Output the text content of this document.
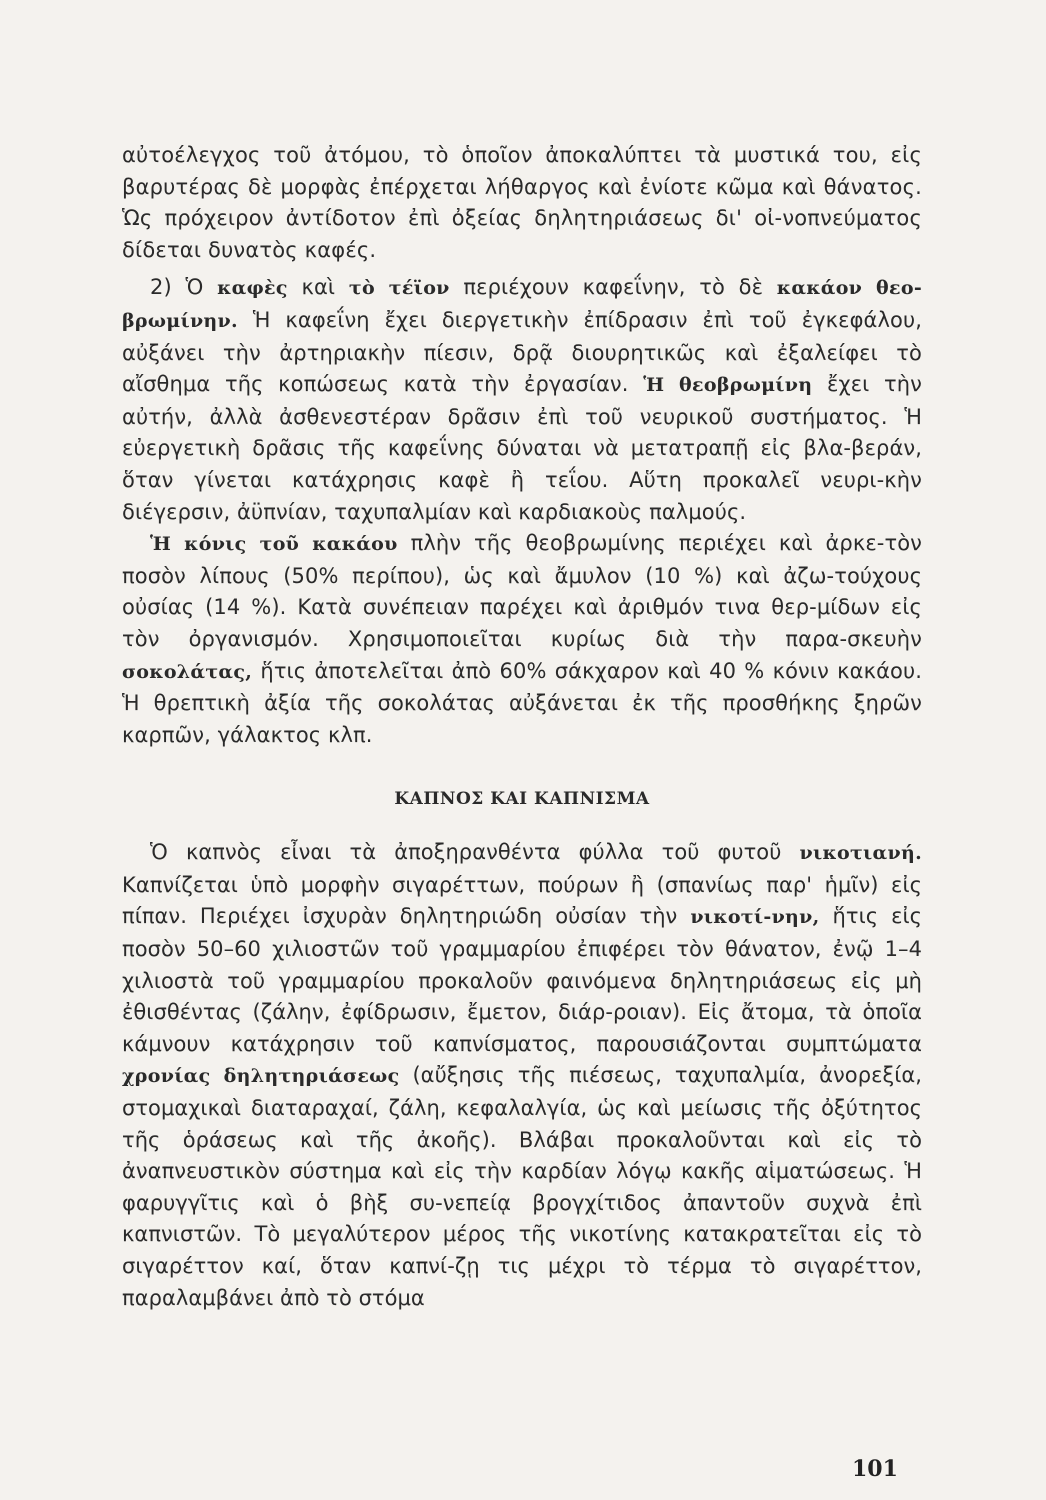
αὐτοέλεγχος τοῦ ἀτόμου, τὸ ὁποῖον ἀποκαλύπτει τὰ μυστικά του, εἰς βαρυτέρας δὲ μορφὰς ἐπέρχεται λήθαργος καὶ ἐνίοτε κῶμα καὶ θάνατος. Ὡς πρόχειρον ἀντίδοτον ἐπὶ ὀξείας δηλητηριάσεως δι' οἰ-νοπνεύματος δίδεται δυνατὸς καφές.

2) Ὁ καφὲς καὶ τὸ τέϊον περιέχουν καφεΐνην, τὸ δὲ κακάον θεο-βρωμίνην. Ἡ καφεΐνη ἔχει διεργετικὴν ἐπίδρασιν ἐπὶ τοῦ ἐγκεφάλου, αὐξάνει τὴν ἀρτηριακὴν πίεσιν, δρᾷ διουρητικῶς καὶ ἐξαλείφει τὸ αἴσθημα τῆς κοπώσεως κατὰ τὴν ἐργασίαν. Ἡ θεοβρωμίνη ἔχει τὴν αὐτήν, ἀλλὰ ἀσθενεστέραν δρᾶσιν ἐπὶ τοῦ νευρικοῦ συστήματος. Ἡ εὐεργετικὴ δρᾶσις τῆς καφεΐνης δύναται νὰ μετατραπῇ εἰς βλα-βεράν, ὅταν γίνεται κατάχρησις καφὲ ἢ τεΐου. Αὕτη προκαλεῖ νευρι-κὴν διέγερσιν, ἀϋπνίαν, ταχυπαλμίαν καὶ καρδιακοὺς παλμούς.

Ἡ κόνις τοῦ κακάου πλὴν τῆς θεοβρωμίνης περιέχει καὶ ἀρκε-τὸν ποσὸν λίπους (50% περίπου), ὡς καὶ ἄμυλον (10 %) καὶ ἀζω-τούχους οὐσίας (14 %). Κατὰ συνέπειαν παρέχει καὶ ἀριθμόν τινα θερ-μίδων εἰς τὸν ὀργανισμόν. Χρησιμοποιεῖται κυρίως διὰ τὴν παρα-σκευὴν σοκολάτας, ἥτις ἀποτελεῖται ἀπὸ 60% σάκχαρον καὶ 40 % κόνιν κακάου. Ἡ θρεπτικὴ ἀξία τῆς σοκολάτας αὐξάνεται ἐκ τῆς προσθήκης ξηρῶν καρπῶν, γάλακτος κλπ.

ΚΑΠΝΟΣ ΚΑΙ ΚΑΠΝΙΣΜΑ

Ὁ καπνὸς εἶναι τὰ ἀποξηρανθέντα φύλλα τοῦ φυτοῦ νικοτιανή. Καπνίζεται ὑπὸ μορφὴν σιγαρέττων, πούρων ἢ (σπανίως παρ' ἡμῖν) εἰς πίπαν. Περιέχει ἰσχυρὰν δηλητηριώδη οὐσίαν τὴν νικοτί-νην, ἥτις εἰς ποσὸν 50–60 χιλιοστῶν τοῦ γραμμαρίου ἐπιφέρει τὸν θάνατον, ἐνῷ 1–4 χιλιοστὰ τοῦ γραμμαρίου προκαλοῦν φαινόμενα δηλητηριάσεως εἰς μὴ ἐθισθέντας (ζάλην, ἐφίδρωσιν, ἔμετον, διάρ-ροιαν). Εἰς ἄτομα, τὰ ὁποῖα κάμνουν κατάχρησιν τοῦ καπνίσματος, παρουσιάζονται συμπτώματα χρονίας δηλητηριάσεως (αὔξησις τῆς πιέσεως, ταχυπαλμία, ἀνορεξία, στομαχικαὶ διαταραχαί, ζάλη, κεφαλαλγία, ὡς καὶ μείωσις τῆς ὀξύτητος τῆς ὁράσεως καὶ τῆς ἀκοῆς). Βλάβαι προκαλοῦνται καὶ εἰς τὸ ἀναπνευστικὸν σύστημα καὶ εἰς τὴν καρδίαν λόγῳ κακῆς αἱματώσεως. Ἡ φαρυγγῖτις καὶ ὁ βὴξ συ-νεπείᾳ βρογχίτιδος ἀπαντοῦν συχνὰ ἐπὶ καπνιστῶν. Τὸ μεγαλύτερον μέρος τῆς νικοτίνης κατακρατεῖται εἰς τὸ σιγαρέττον καί, ὅταν καπνί-ζῃ τις μέχρι τὸ τέρμα τὸ σιγαρέττον, παραλαμβάνει ἀπὸ τὸ στόμα

101
